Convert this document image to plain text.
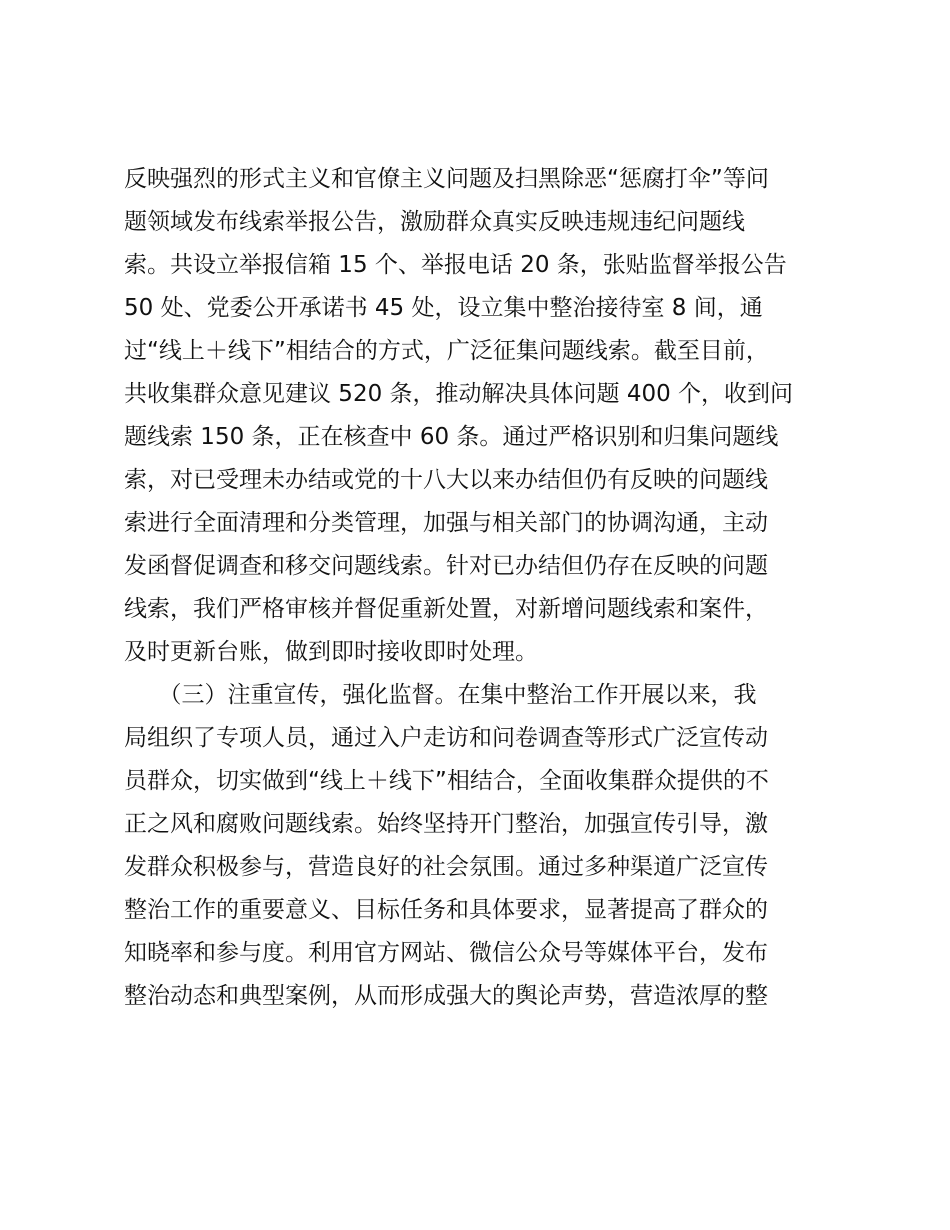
反映强烈的形式主义和官僚主义问题及扫黑除恶“惩腐打伞”等问
题领域发布线索举报公告，激励群众真实反映违规违纪问题线
索。共设立举报信箱 15 个、举报电话 20 条，张贴监督举报公告
50 处、党委公开承诺书 45 处，设立集中整治接待室 8 间，通
过“线上＋线下”相结合的方式，广泛征集问题线索。截至目前，
共收集群众意见建议 520 条，推动解决具体问题 400 个，收到问
题线索 150 条，正在核查中 60 条。通过严格识别和归集问题线
索，对已受理未办结或党的十八大以来办结但仍有反映的问题线
索进行全面清理和分类管理，加强与相关部门的协调沟通，主动
发函督促调查和移交问题线索。针对已办结但仍存在反映的问题
线索，我们严格审核并督促重新处置，对新增问题线索和案件，
及时更新台账，做到即时接收即时处理。
　　（三）注重宣传，强化监督。在集中整治工作开展以来，我
局组织了专项人员，通过入户走访和问卷调查等形式广泛宣传动
员群众，切实做到“线上＋线下”相结合，全面收集群众提供的不
正之风和腐败问题线索。始终坚持开门整治，加强宣传引导，激
发群众积极参与，营造良好的社会氛围。通过多种渠道广泛宣传
整治工作的重要意义、目标任务和具体要求，显著提高了群众的
知晓率和参与度。利用官方网站、微信公众号等媒体平台，发布
整治动态和典型案例，从而形成强大的舆论声势，营造浓厚的整
